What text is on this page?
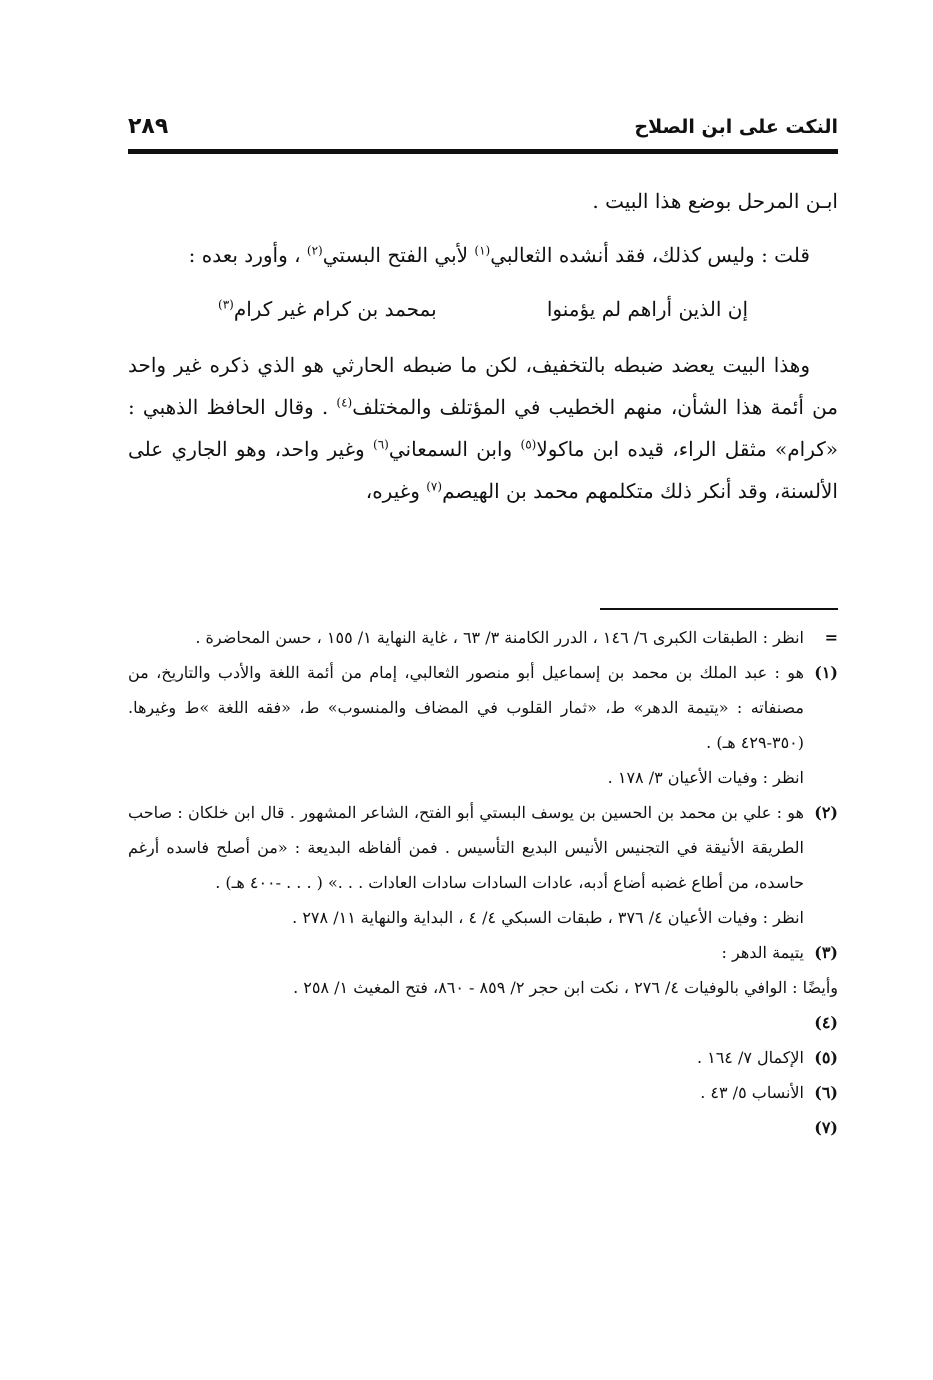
النكت على ابن الصلاح
٢٨٩

ابـن المرحل بوضع هذا البيت .

قلت : وليس كذلك، فقد أنشده الثعالبي$^{(١)}$ لأبي الفتح البستي$^{(٢)}$ ، وأورد بعده :

إن الذين أراهم لم يؤمنوا
بمحمد بن كرام غير كرام$^{(٣)}$

وهذا البيت يعضد ضبطه بالتخفيف، لكن ما ضبطه الحارثي هو الذي ذكره غير واحد من أئمة هذا الشأن، منهم الخطيب في المؤتلف والمختلف$^{(٤)}$ . وقال الحافظ الذهبي : «كرام» مثقل الراء، قيده ابن ماكولا$^{(٥)}$ وابن السمعاني$^{(٦)}$ وغير واحد، وهو الجاري على الألسنة، وقد أنكر ذلك متكلمهم محمد بن الهيصم$^{(٧)}$ وغيره،

=

انظر : الطبقات الكبرى ٦/ ١٤٦ ، الدرر الكامنة ٣/ ٦٣ ، غاية النهاية ١/ ١٥٥ ، حسن المحاضرة .

(١)

هو : عبد الملك بن محمد بن إسماعيل أبو منصور الثعالبي، إمام من أئمة اللغة والأدب والتاريخ، من مصنفاته : «يتيمة الدهر» ط، «ثمار القلوب في المضاف والمنسوب» ط، «فقه اللغة »ط وغيرها. (٣٥٠-٤٢٩ هـ) .

انظر : وفيات الأعيان ٣/ ١٧٨ .

(٢)

هو : علي بن محمد بن الحسين بن يوسف البستي أبو الفتح، الشاعر المشهور . قال ابن خلكان : صاحب الطريقة الأنيقة في التجنيس الأنيس البديع التأسيس . فمن ألفاظه البديعة : «من أصلح فاسده أرغم حاسده، من أطاع غضبه أضاع أدبه، عادات السادات سادات العادات . . .» ( . . . -٤٠٠ هـ) .

انظر : وفيات الأعيان ٤/ ٣٧٦ ، طبقات السبكي ٤/ ٤ ، البداية والنهاية ١١/ ٢٧٨ .

(٣)

يتيمة الدهر :

وأيضًا : الوافي بالوفيات ٤/ ٢٧٦ ، نكت ابن حجر ٢/ ٨٥٩ - ٨٦٠، فتح المغيث ١/ ٢٥٨ .

(٤)
(٥)

الإكمال ٧/ ١٦٤ .

(٦)

الأنساب ٥/ ٤٣ .

(٧)
